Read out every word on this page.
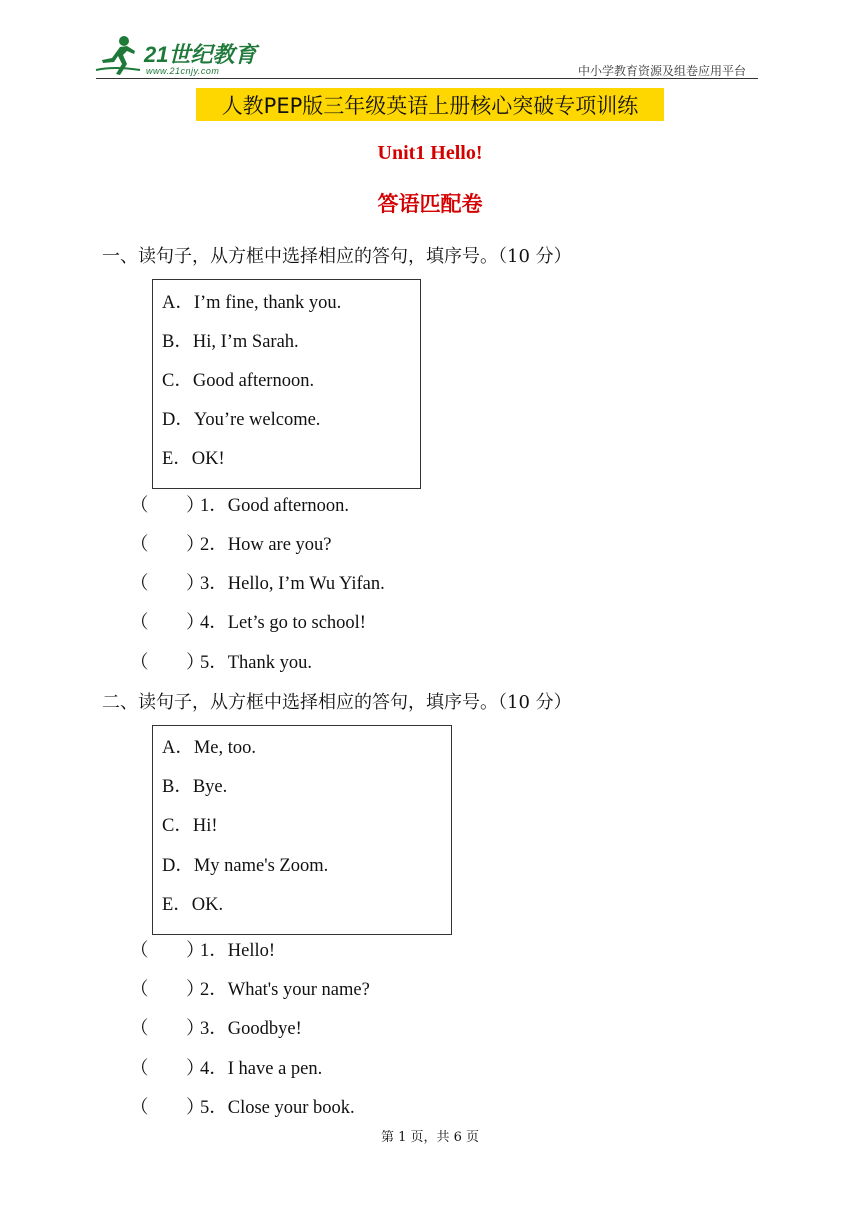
21世纪教育
www.21cnjy.com	中小学教育资源及组卷应用平台
人教PEP版三年级英语上册核心突破专项训练
Unit1 Hello!
答语匹配卷
一、读句子，从方框中选择相应的答句，填序号。（10 分）
A．I’m fine, thank you.
B．Hi, I’m Sarah.
C．Good afternoon.
D．You’re welcome.
E．OK!
（ ）1．Good afternoon.
（ ）2．How are you?
（ ）3．Hello, I’m Wu Yifan.
（ ）4．Let’s go to school!
（ ）5．Thank you.
二、读句子，从方框中选择相应的答句，填序号。（10 分）
A．Me, too.
B．Bye.
C．Hi!
D．My name's Zoom.
E．OK.
（ ）1．Hello!
（ ）2．What's your name?
（ ）3．Goodbye!
（ ）4．I have a pen.
（ ）5．Close your book.
第 1 页，共 6 页
